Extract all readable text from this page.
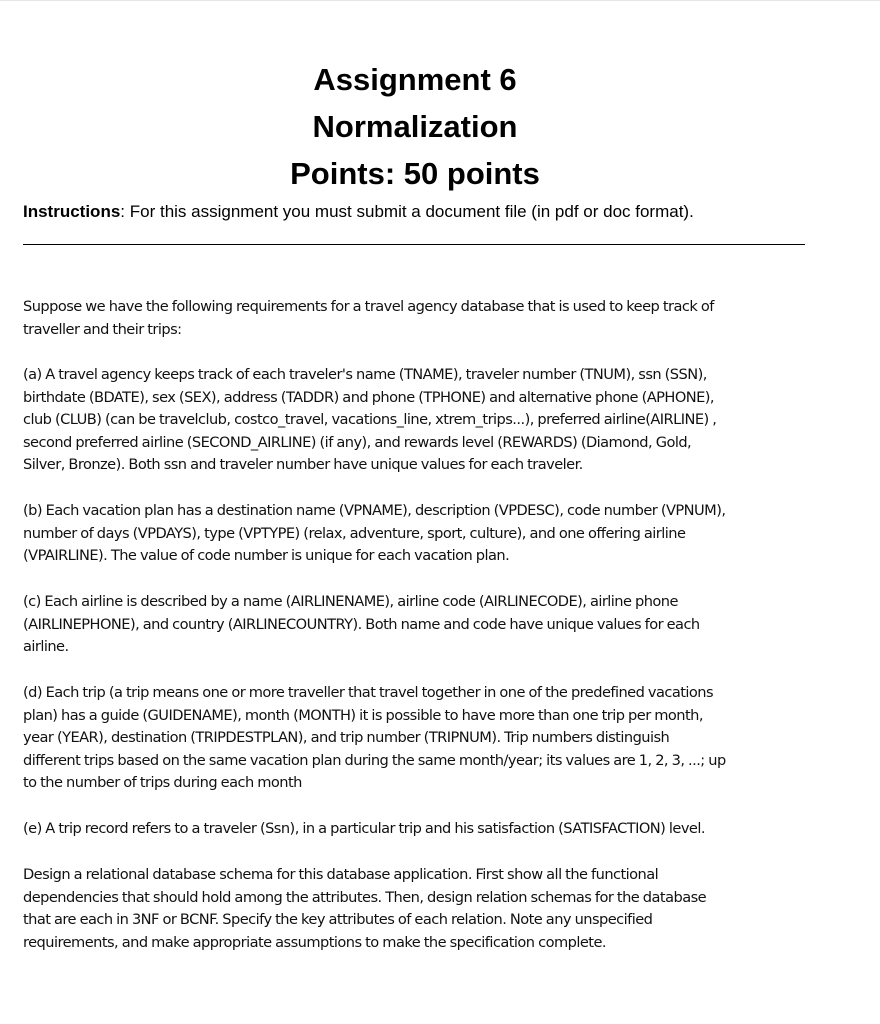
Assignment 6
Normalization
Points: 50 points
Instructions: For this assignment you must submit a document file (in pdf or doc format).

Suppose we have the following requirements for a travel agency database that is used to keep track of
traveller and their trips:

(a) A travel agency keeps track of each traveler's name (TNAME), traveler number (TNUM), ssn (SSN),
birthdate (BDATE), sex (SEX), address (TADDR) and phone (TPHONE) and alternative phone (APHONE),
club (CLUB) (can be travelclub, costco_travel, vacations_line, xtrem_trips...), preferred airline(AIRLINE) ,
second preferred airline (SECOND_AIRLINE) (if any), and rewards level (REWARDS) (Diamond, Gold,
Silver, Bronze). Both ssn and traveler number have unique values for each traveler.

(b) Each vacation plan has a destination name (VPNAME), description (VPDESC), code number (VPNUM),
number of days (VPDAYS), type (VPTYPE) (relax, adventure, sport, culture), and one offering airline
(VPAIRLINE). The value of code number is unique for each vacation plan.

(c) Each airline is described by a name (AIRLINENAME), airline code (AIRLINECODE), airline phone
(AIRLINEPHONE), and country (AIRLINECOUNTRY). Both name and code have unique values for each
airline.

(d) Each trip (a trip means one or more traveller that travel together in one of the predefined vacations
plan) has a guide (GUIDENAME), month (MONTH) it is possible to have more than one trip per month,
year (YEAR), destination (TRIPDESTPLAN), and trip number (TRIPNUM). Trip numbers distinguish
different trips based on the same vacation plan during the same month/year; its values are 1, 2, 3, ...; up
to the number of trips during each month

(e) A trip record refers to a traveler (Ssn), in a particular trip and his satisfaction (SATISFACTION) level.

Design a relational database schema for this database application. First show all the functional
dependencies that should hold among the attributes. Then, design relation schemas for the database
that are each in 3NF or BCNF. Specify the key attributes of each relation. Note any unspecified
requirements, and make appropriate assumptions to make the specification complete.
